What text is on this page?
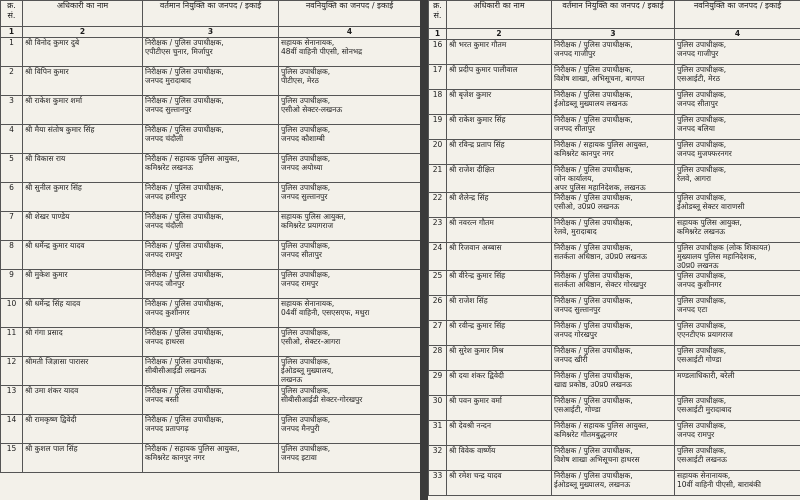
क्र.
सं.	अधिकारी का नाम	वर्तमान नियुक्ति का जनपद / इकाई	नवनियुक्ति का जनपद / इकाई
1	2	3	4
1	श्री विनोद कुमार दुबे	निरीक्षक / पुलिस उपाधीक्षक,
एपीटीएस चुनार, मिर्जापुर	सहायक सेनानायक,
48वीं वाहिनी पीएसी, सोनभद्र
2	श्री विपिन कुमार	निरीक्षक / पुलिस उपाधीक्षक,
जनपद मुरादाबाद	पुलिस उपाधीक्षक,
पीटीएस, मेरठ
3	श्री राकेश कुमार शर्मा	निरीक्षक / पुलिस उपाधीक्षक,
जनपद सुल्तानपुर	पुलिस उपाधीक्षक,
एसीओ सेक्टर-लखनऊ
4	श्री मैया संतोष कुमार सिंह	निरीक्षक / पुलिस उपाधीक्षक,
जनपद चंदौली	पुलिस उपाधीक्षक,
जनपद कौशाम्बी
5	श्री विकास राय	निरीक्षक / सहायक पुलिस आयुक्त,
कमिश्नरेट लखनऊ	पुलिस उपाधीक्षक,
जनपद अयोध्या
6	श्री सुनील कुमार सिंह	निरीक्षक / पुलिस उपाधीक्षक,
जनपद हमीरपुर	पुलिस उपाधीक्षक,
जनपद सुल्तानपुर
7	श्री शेखर पाण्डेय	निरीक्षक / पुलिस उपाधीक्षक,
जनपद चंदौली	सहायक पुलिस आयुक्त,
कमिश्नरेट प्रयागराज
8	श्री धर्मेन्द्र कुमार यादव	निरीक्षक / पुलिस उपाधीक्षक,
जनपद रामपुर	पुलिस उपाधीक्षक,
जनपद सीतापुर
9	श्री मुकेश कुमार	निरीक्षक / पुलिस उपाधीक्षक,
जनपद जौनपुर	पुलिस उपाधीक्षक,
जनपद रामपुर
10	श्री धर्मेन्द्र सिंह यादव	निरीक्षक / पुलिस उपाधीक्षक,
जनपद कुशीनगर	सहायक सेनानायक,
04वीं वाहिनी, एसएसएफ, मथुरा
11	श्री गंगा प्रसाद	निरीक्षक / पुलिस उपाधीक्षक,
जनपद हाथरस	पुलिस उपाधीक्षक,
एसीओ, सेक्टर-आगरा
12	श्रीमती जिज्ञासा पारासर	निरीक्षक / पुलिस उपाधीक्षक,
सीबीसीआईडी लखनऊ	पुलिस उपाधीक्षक,
ईओडब्लू मुख्यालय,
लखनऊ
13	श्री उमा शंकर यादव	निरीक्षक / पुलिस उपाधीक्षक,
जनपद बस्ती	पुलिस उपाधीक्षक,
सीबीसीआईडी सेक्टर-गोरखपुर
14	श्री रामकृष्ण द्विवेदी	निरीक्षक / पुलिस उपाधीक्षक,
जनपद प्रतापगढ़	पुलिस उपाधीक्षक,
जनपद मैनपुरी
15	श्री कुशल पाल सिंह	निरीक्षक / सहायक पुलिस आयुक्त,
कमिश्नरेट कानपुर नगर	पुलिस उपाधीक्षक,
जनपद इटावा
क्र.
सं.	अधिकारी का नाम	वर्तमान नियुक्ति का जनपद / इकाई	नवनियुक्ति का जनपद / इकाई
1	2	3	4
16	श्री भरत कुमार गौतम	निरीक्षक / पुलिस उपाधीक्षक,
जनपद गाजीपुर	पुलिस उपाधीक्षक,
जनपद गाजीपुर
17	श्री प्रदीप कुमार पालीवाल	निरीक्षक / पुलिस उपाधीक्षक,
विशेष शाखा, अभिसूचना, बागपत	पुलिस उपाधीक्षक,
एसआईटी, मेरठ
18	श्री बृजेश कुमार	निरीक्षक / पुलिस उपाधीक्षक,
ईओडब्लू मुख्यालय लखनऊ	पुलिस उपाधीक्षक,
जनपद सीतापुर
19	श्री राकेश कुमार सिंह	निरीक्षक / पुलिस उपाधीक्षक,
जनपद सीतापुर	पुलिस उपाधीक्षक,
जनपद बलिया
20	श्री रविन्द्र प्रताप सिंह	निरीक्षक / सहायक पुलिस आयुक्त,
कमिश्नरेट कानपुर नगर	पुलिस उपाधीक्षक,
जनपद मुजफ्फरनगर
21	श्री राजेश दीक्षित	निरीक्षक / पुलिस उपाधीक्षक,
जोन कार्यालय,
अपर पुलिस महानिदेशक, लखनऊ	पुलिस उपाधीक्षक,
रेलवे, आगरा
22	श्री शैलेन्द्र सिंह	निरीक्षक / पुलिस उपाधीक्षक,
एसीओ, उ0प्र0 लखनऊ	पुलिस उपाधीक्षक,
ईओडब्लू सेक्टर वाराणसी
23	श्री नवरत्न गौतम	निरीक्षक / पुलिस उपाधीक्षक,
रेलवे, मुरादाबाद	सहायक पुलिस आयुक्त,
कमिश्नरेट लखनऊ
24	श्री रिजवान अब्बास	निरीक्षक / पुलिस उपाधीक्षक,
सतर्कता अधिष्ठान, उ0प्र0 लखनऊ	पुलिस उपाधीक्षक (लोक शिकायत)
मुख्यालय पुलिस महानिदेशक,
उ0प्र0 लखनऊ
25	श्री वीरेन्द्र कुमार सिंह	निरीक्षक / पुलिस उपाधीक्षक,
सतर्कता अधिष्ठान, सेक्टर गोरखपुर	पुलिस उपाधीक्षक,
जनपद कुशीनगर
26	श्री राजेश सिंह	निरीक्षक / पुलिस उपाधीक्षक,
जनपद सुल्तानपुर	पुलिस उपाधीक्षक,
जनपद एटा
27	श्री रवीन्द्र कुमार सिंह	निरीक्षक / पुलिस उपाधीक्षक,
जनपद गोरखपुर	पुलिस उपाधीक्षक,
एएनटीएफ प्रयागराज
28	श्री सुरेश कुमार मिश्र	निरीक्षक / पुलिस उपाधीक्षक,
जनपद खीरी	पुलिस उपाधीक्षक,
एसआईटी गोण्डा
29	श्री दया शंकर द्विवेदी	निरीक्षक / पुलिस उपाधीक्षक,
खाद्य प्रकोष्ठ, उ0प्र0 लखनऊ	मण्डलाधिकारी, बरेली
30	श्री पवन कुमार वर्मा	निरीक्षक / पुलिस उपाधीक्षक,
एसआईटी, गोण्डा	पुलिस उपाधीक्षक,
एसआईटी मुरादाबाद
31	श्री देवश्री नन्दन	निरीक्षक / सहायक पुलिस आयुक्त,
कमिश्नरेट गौतमबुद्धनगर	पुलिस उपाधीक्षक,
जनपद रामपुर
32	श्री विवेक वार्ष्णेय	निरीक्षक / पुलिस उपाधीक्षक,
विशेष शाखा अभिसूचना हाथरस	पुलिस उपाधीक्षक,
एसआईटी लखनऊ
33	श्री रमेश चन्द्र यादव	निरीक्षक / पुलिस उपाधीक्षक,
ईओडब्लू मुख्यालय, लखनऊ	सहायक सेनानायक,
10वीं वाहिनी पीएसी, बाराबंकी
